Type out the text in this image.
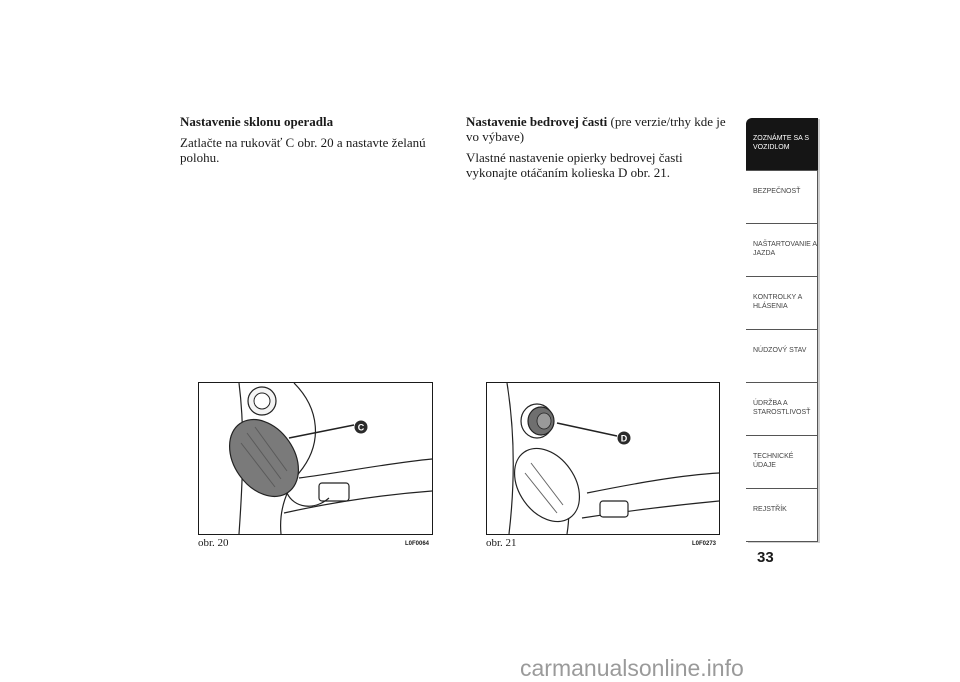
Nastavenie sklonu operadla

Zatlačte na rukoväť C obr. 20 a nastavte želanú polohu.

Nastavenie bedrovej časti (pre verzie/trhy kde je vo výbave)

Vlastné nastavenie opierky bedrovej časti vykonajte otáčaním kolieska D obr. 21.

C
obr. 20	L0F0064
D
obr. 21	L0F0273
ZOZNÁMTE SA S VOZIDLOM
BEZPEČNOSŤ
NAŠTARTOVANIE A JAZDA
KONTROLKY A HLÁSENIA
NÚDZOVÝ STAV
ÚDRŽBA A STAROSTLIVOSŤ
TECHNICKÉ ÚDAJE
REJSTŘÍK
33
carmanualsonline.info
